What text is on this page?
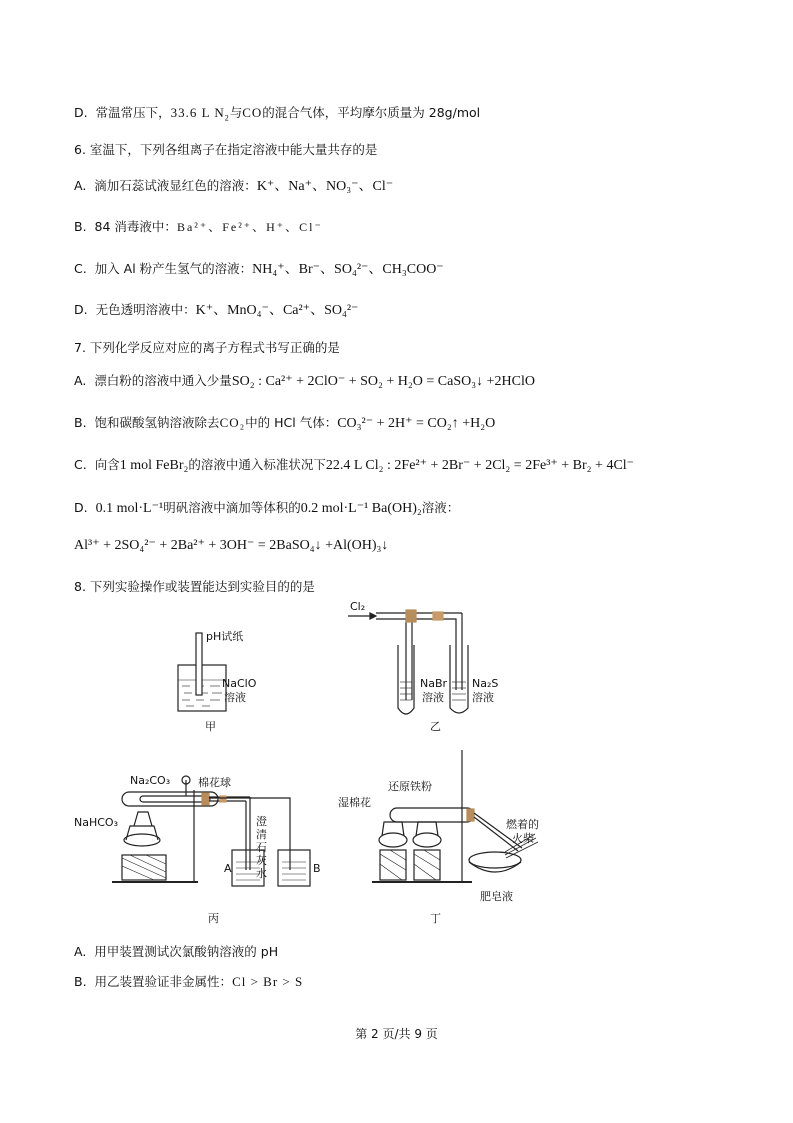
D. 常温常压下，33.6 L $N_2$与CO的混合气体，平均摩尔质量为 28g/mol
6. 室温下，下列各组离子在指定溶液中能大量共存的是
A. 滴加石蕊试液显红色的溶液：K⁺、Na⁺、NO₃⁻、Cl⁻
B. 84 消毒液中：Ba²⁺、Fe²⁺、H⁺、Cl⁻
C. 加入 Al 粉产生氢气的溶液：NH₄⁺、Br⁻、SO₄²⁻、CH₃COO⁻
D. 无色透明溶液中：K⁺、MnO₄⁻、Ca²⁺、SO₄²⁻
7. 下列化学反应对应的离子方程式书写正确的是
A. 漂白粉的溶液中通入少量SO₂ : Ca²⁺ + 2ClO⁻ + SO₂ + H₂O = CaSO₃↓ +2HClO
B. 饱和碳酸氢钠溶液除去CO₂中的 HCl 气体：CO₃²⁻ + 2H⁺ = CO₂↑ +H₂O
C. 向含1 mol FeBr₂的溶液中通入标准状况下22.4 L Cl₂ : 2Fe²⁺ + 2Br⁻ + 2Cl₂ = 2Fe³⁺ + Br₂ + 4Cl⁻
D. 0.1 mol·L⁻¹明矾溶液中滴加等体积的0.2 mol·L⁻¹ Ba(OH)₂溶液：
Al³⁺ + 2SO₄²⁻ + 2Ba²⁺ + 3OH⁻ = 2BaSO₄↓ +Al(OH)₃↓
8. 下列实验操作或装置能达到实验目的的是
pH试纸
NaClO
溶液
甲
Cl₂
NaBr
溶液
Na₂S
溶液
乙
Na₂CO₃	棉花球
NaHCO₃	澄
清
石
灰
水
A	B
丙
还原铁粉
湿棉花
燃着的
火柴
肥皂液
丁
A. 用甲装置测试次氯酸钠溶液的 pH
B. 用乙装置验证非金属性：Cl > Br > S
第 2 页/共 9 页
